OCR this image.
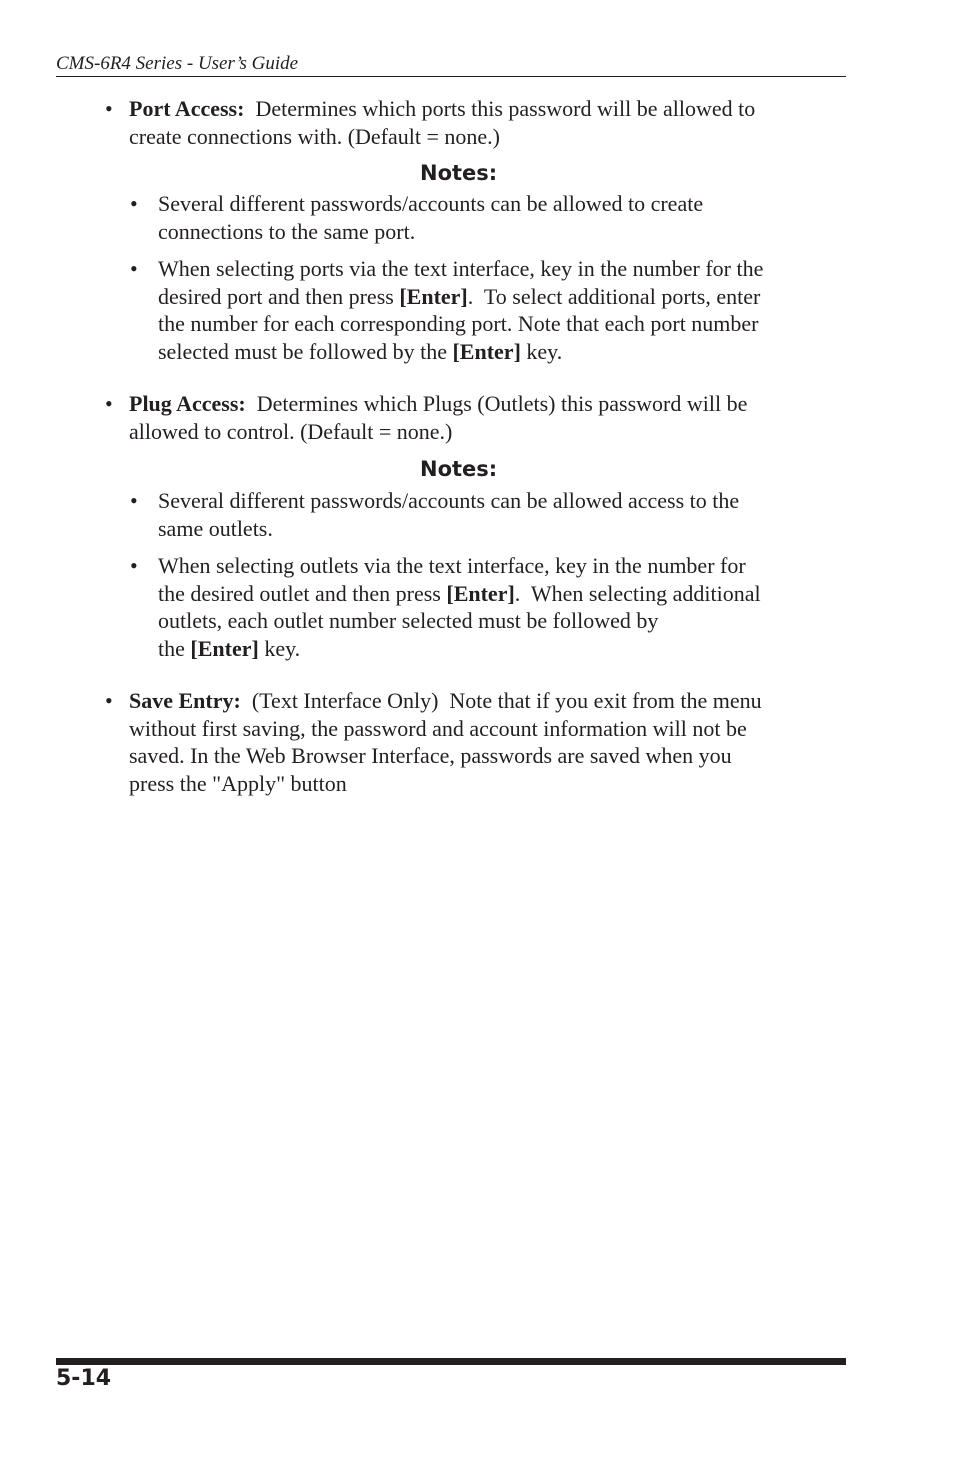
CMS-6R4 Series - User’s Guide
• Port Access:  Determines which ports this password will be allowed to
create connections with. (Default = none.)
Notes:
• Several different passwords/accounts can be allowed to create
connections to the same port.
• When selecting ports via the text interface, key in the number for the
desired port and then press [Enter].  To select additional ports, enter
the number for each corresponding port. Note that each port number
selected must be followed by the [Enter] key.
• Plug Access:  Determines which Plugs (Outlets) this password will be
allowed to control. (Default = none.)
Notes:
• Several different passwords/accounts can be allowed access to the
same outlets.
• When selecting outlets via the text interface, key in the number for
the desired outlet and then press [Enter].  When selecting additional
outlets, each outlet number selected must be followed by
the [Enter] key.
• Save Entry:  (Text Interface Only)  Note that if you exit from the menu
without first saving, the password and account information will not be
saved. In the Web Browser Interface, passwords are saved when you
press the "Apply" button
5-14
